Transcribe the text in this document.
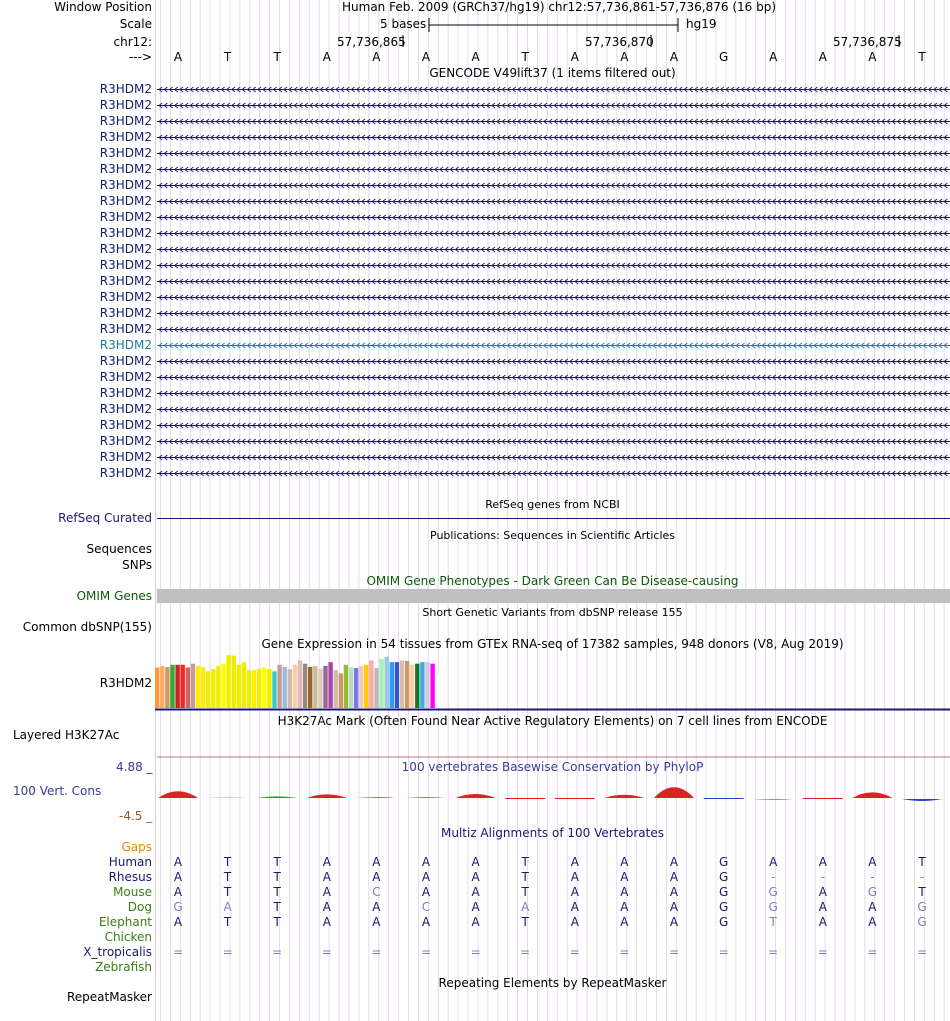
Window Position	Human Feb. 2009 (GRCh37/hg19) chr12:57,736,861-57,736,876 (16 bp)
Scale	5 bases	hg19
chr12:	57,736,865	57,736,870	57,736,875
--->	A	T	T	A	A	A	A	T	A	A	A	G	A	A	A	T
GENCODE V49lift37 (1 items filtered out)
R3HDM2
R3HDM2
R3HDM2
R3HDM2
R3HDM2
R3HDM2
R3HDM2
R3HDM2
R3HDM2
R3HDM2
R3HDM2
R3HDM2
R3HDM2
R3HDM2
R3HDM2
R3HDM2
R3HDM2
R3HDM2
R3HDM2
R3HDM2
R3HDM2
R3HDM2
R3HDM2
R3HDM2
R3HDM2
RefSeq genes from NCBI
RefSeq Curated
Publications: Sequences in Scientific Articles
Sequences
SNPs
OMIM Gene Phenotypes - Dark Green Can Be Disease-causing
OMIM Genes
Short Genetic Variants from dbSNP release 155
Common dbSNP(155)
Gene Expression in 54 tissues from GTEx RNA-seq of 17382 samples, 948 donors (V8, Aug 2019)
R3HDM2
H3K27Ac Mark (Often Found Near Active Regulatory Elements) on 7 cell lines from ENCODE
Layered H3K27Ac
100 vertebrates Basewise Conservation by PhyloP
4.88 _
100 Vert. Cons
-4.5 _
Multiz Alignments of 100 Vertebrates
Gaps
Human	A	T	T	A	A	A	A	T	A	A	A	G	A	A	A	T
Rhesus	A	T	T	A	A	A	A	T	A	A	A	G	-	-	-	-
Mouse	A	T	T	A	C	A	A	T	A	A	A	G	G	A	G	T
Dog	G	A	T	A	A	C	A	A	A	A	A	G	G	A	A	G
Elephant	A	T	T	A	A	A	A	T	A	A	A	G	T	A	A	G
Chicken
X_tropicalis	=	=	=	=	=	=	=	=	=	=	=	=	=	=	=	=
Zebrafish
Repeating Elements by RepeatMasker
RepeatMasker
